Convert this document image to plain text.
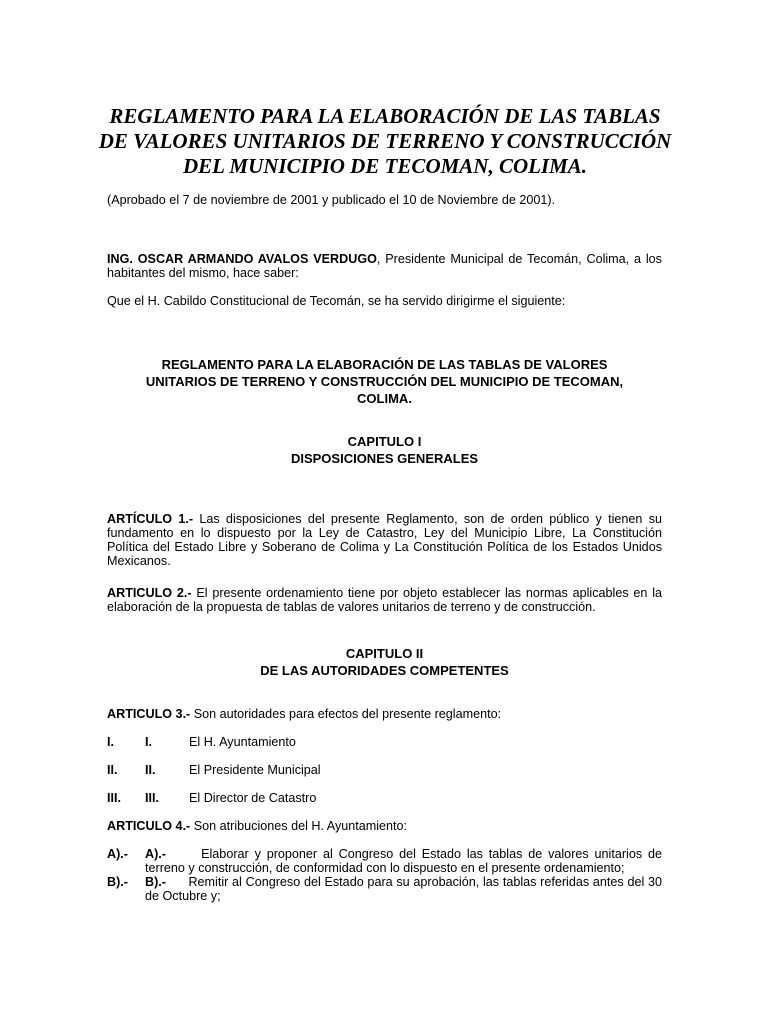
REGLAMENTO PARA LA ELABORACIÓN DE LAS TABLAS
DE VALORES UNITARIOS DE TERRENO Y CONSTRUCCIÓN
DEL MUNICIPIO DE TECOMAN, COLIMA.
(Aprobado el 7 de noviembre de 2001 y publicado el 10 de Noviembre de 2001).
ING. OSCAR ARMANDO AVALOS VERDUGO, Presidente Municipal de Tecomán, Colima, a los
habitantes del mismo, hace saber:
Que el H. Cabildo Constitucional de Tecomán, se ha servido dirigirme el siguiente:
REGLAMENTO PARA LA ELABORACIÓN DE LAS TABLAS DE VALORES
UNITARIOS DE TERRENO Y CONSTRUCCIÓN DEL MUNICIPIO DE TECOMAN,
COLIMA.
CAPITULO I
DISPOSICIONES GENERALES
ARTÍCULO 1.- Las disposiciones del presente Reglamento, son de orden público y tienen su
fundamento en lo dispuesto por la Ley de Catastro, Ley del Municipio Libre, La Constitución
Política del Estado Libre y Soberano de Colima y La Constitución Política de los Estados Unidos
Mexicanos.
ARTICULO 2.- El presente ordenamiento tiene por objeto establecer las normas aplicables en la
elaboración de la propuesta de tablas de valores unitarios de terreno y de construcción.
CAPITULO II
DE LAS AUTORIDADES COMPETENTES
ARTICULO 3.- Son autoridades para efectos del presente reglamento:
I. I.	El H. Ayuntamiento
II. II.	El Presidente Municipal
III. III. El Director de Catastro
ARTICULO 4.- Son atribuciones del H. Ayuntamiento:
A).- A).-	Elaborar y proponer al Congreso del Estado las tablas de valores unitarios de
terreno y construcción, de conformidad con lo dispuesto en el presente ordenamiento;
B).- B).- Remitir al Congreso del Estado para su aprobación, las tablas referidas antes del 30
de Octubre y;
